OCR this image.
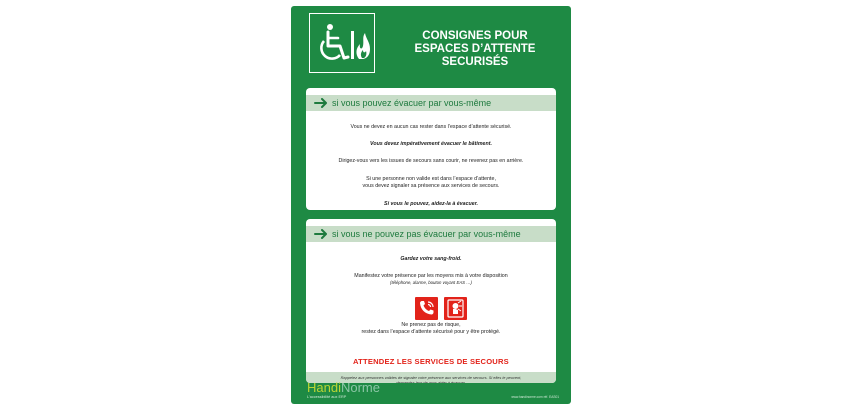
CONSIGNES POUR
ESPACES D’ATTENTE
SECURISÉS
si vous pouvez évacuer par vous-même
Vous ne devez en aucun cas rester dans l’espace d’attente sécurisé.
Vous devez impérativement évacuer le bâtiment.
Dirigez-vous vers les issues de secours sans courir, ne revenez pas en arrière.
Si une personne non valide est dans l’espace d’attente,
vous devez signaler sa présence aux services de secours.
Si vous le pouvez, aidez-la à évacuer.
si vous ne pouvez pas évacuer par vous-même
Gardez votre sang-froid.
Manifestez votre présence par les moyens mis à votre disposition
(téléphone, alarme, bouton voyant EAS …)
Ne prenez pas de risque,
restez dans l’espace d’attente sécurisé pour y être protégé.
ATTENDEZ LES SERVICES DE SECOURS
Rappelez aux personnes valides de signaler votre présence aux services de secours. Si elles le peuvent,
demandez-leur de vous aider à évacuer.
HandiNorme
L’accessibilité aux ERP	www.handinorme.com réf. EAS01
